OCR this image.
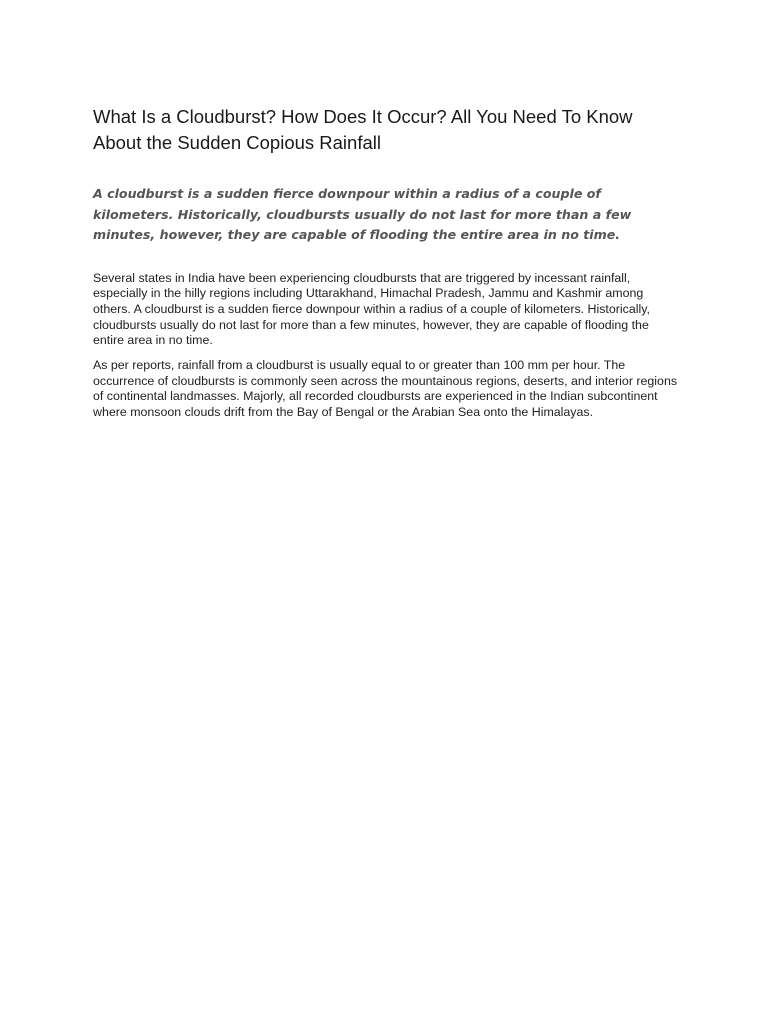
What Is a Cloudburst? How Does It Occur? All You Need To Know About the Sudden Copious Rainfall

A cloudburst is a sudden fierce downpour within a radius of a couple of kilometers. Historically, cloudbursts usually do not last for more than a few minutes, however, they are capable of flooding the entire area in no time.

Several states in India have been experiencing cloudbursts that are triggered by incessant rainfall, especially in the hilly regions including Uttarakhand, Himachal Pradesh, Jammu and Kashmir among others. A cloudburst is a sudden fierce downpour within a radius of a couple of kilometers. Historically, cloudbursts usually do not last for more than a few minutes, however, they are capable of flooding the entire area in no time.

As per reports, rainfall from a cloudburst is usually equal to or greater than 100 mm per hour. The occurrence of cloudbursts is commonly seen across the mountainous regions, deserts, and interior regions of continental landmasses. Majorly, all recorded cloudbursts are experienced in the Indian subcontinent where monsoon clouds drift from the Bay of Bengal or the Arabian Sea onto the Himalayas.
